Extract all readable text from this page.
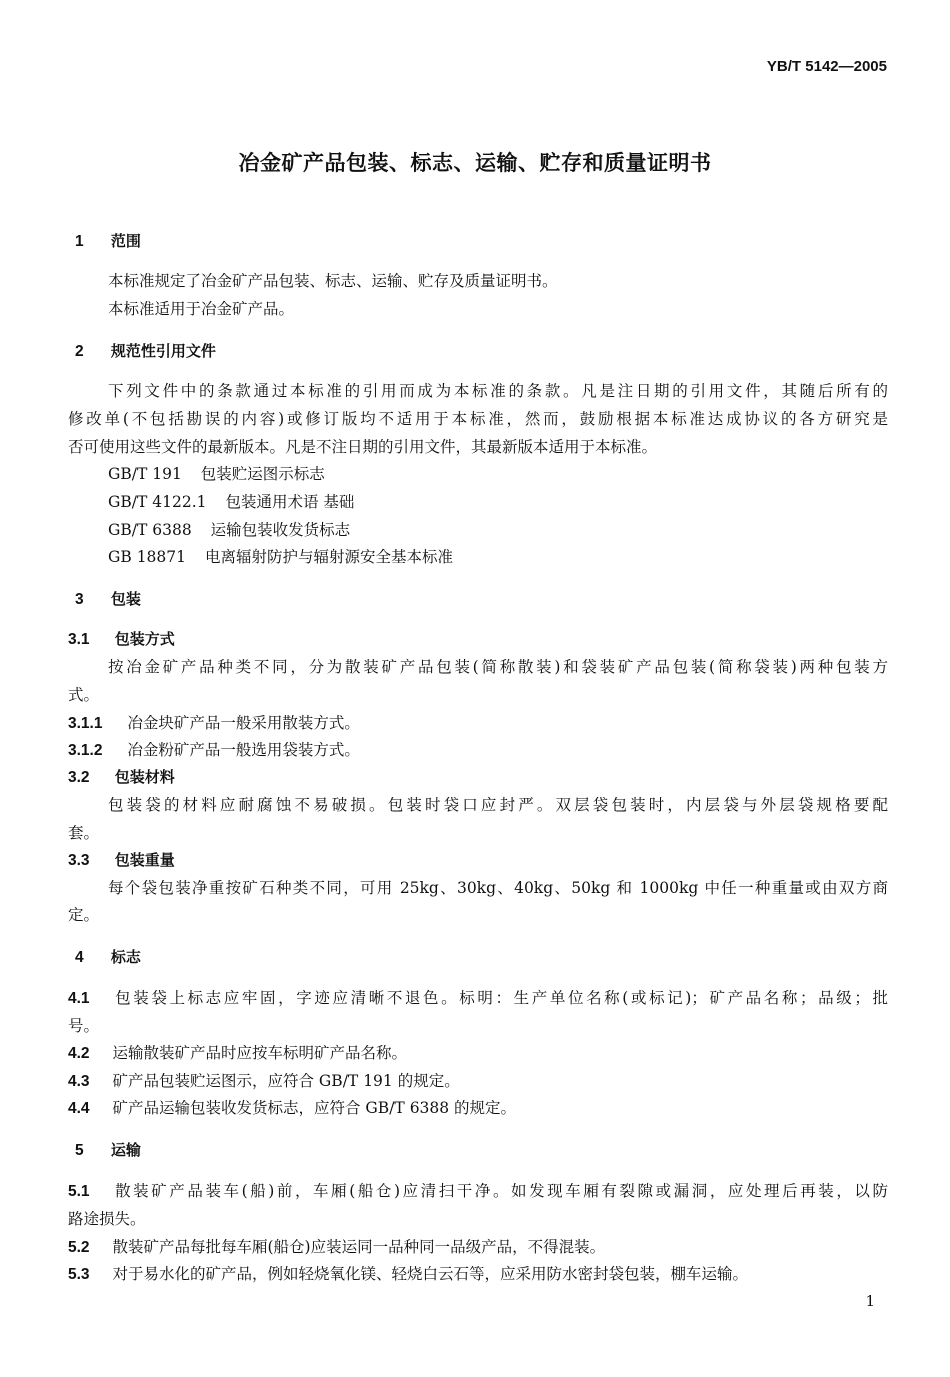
YB/T 5142—2005
冶金矿产品包装、标志、运输、贮存和质量证明书
1 范围
本标准规定了冶金矿产品包装、标志、运输、贮存及质量证明书。
本标准适用于冶金矿产品。
2 规范性引用文件
下列文件中的条款通过本标准的引用而成为本标准的条款。凡是注日期的引用文件，其随后所有的
修改单(不包括勘误的内容)或修订版均不适用于本标准，然而，鼓励根据本标准达成协议的各方研究是
否可使用这些文件的最新版本。凡是不注日期的引用文件，其最新版本适用于本标准。
GB/T 191 包装贮运图示标志
GB/T 4122.1 包装通用术语 基础
GB/T 6388 运输包装收发货标志
GB 18871 电离辐射防护与辐射源安全基本标准
3 包装
3.1 包装方式
按冶金矿产品种类不同，分为散装矿产品包装(简称散装)和袋装矿产品包装(简称袋装)两种包装方
式。
3.1.1 冶金块矿产品一般采用散装方式。
3.1.2 冶金粉矿产品一般选用袋装方式。
3.2 包装材料
包装袋的材料应耐腐蚀不易破损。包装时袋口应封严。双层袋包装时，内层袋与外层袋规格要配
套。
3.3 包装重量
每个袋包装净重按矿石种类不同，可用 25kg、30kg、40kg、50kg 和 1000kg 中任一种重量或由双方商
定。
4 标志
4.1 包装袋上标志应牢固，字迹应清晰不退色。标明：生产单位名称(或标记)；矿产品名称；品级；批
号。
4.2 运输散装矿产品时应按车标明矿产品名称。
4.3 矿产品包装贮运图示，应符合 GB/T 191 的规定。
4.4 矿产品运输包装收发货标志，应符合 GB/T 6388 的规定。
5 运输
5.1 散装矿产品装车(船)前，车厢(船仓)应清扫干净。如发现车厢有裂隙或漏洞，应处理后再装，以防
路途损失。
5.2 散装矿产品每批每车厢(船仓)应装运同一品种同一品级产品，不得混装。
5.3 对于易水化的矿产品，例如轻烧氧化镁、轻烧白云石等，应采用防水密封袋包装，棚车运输。
1
